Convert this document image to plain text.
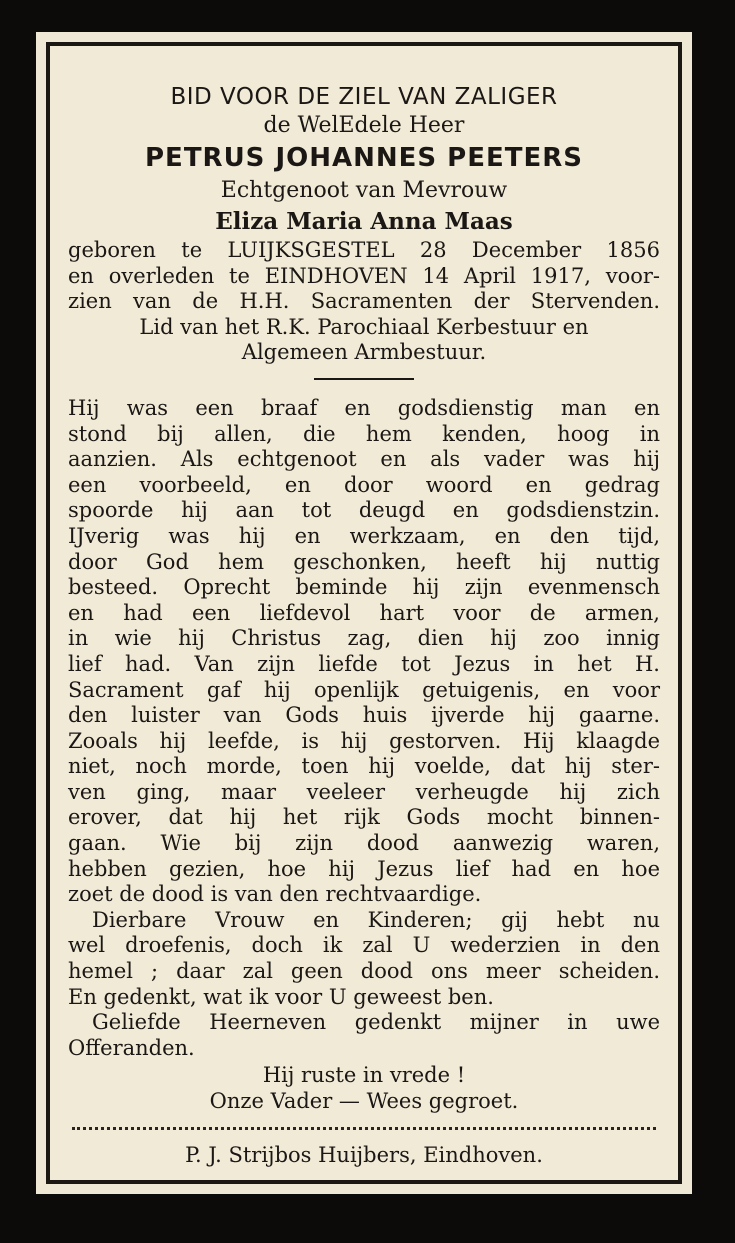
BID VOOR DE ZIEL VAN ZALIGER
de WelEdele Heer
PETRUS JOHANNES PEETERS
Echtgenoot van Mevrouw
Eliza Maria Anna Maas
geboren te LUIJKSGESTEL 28 December 1856
en overleden te EINDHOVEN 14 April 1917, voor-
zien van de H.H. Sacramenten der Stervenden.
Lid van het R.K. Parochiaal Kerbestuur en
Algemeen Armbestuur.
Hij was een braaf en godsdienstig man en
stond bij allen, die hem kenden, hoog in
aanzien. Als echtgenoot en als vader was hij
een voorbeeld, en door woord en gedrag
spoorde hij aan tot deugd en godsdienstzin.
IJverig was hij en werkzaam, en den tijd,
door God hem geschonken, heeft hij nuttig
besteed. Oprecht beminde hij zijn evenmensch
en had een liefdevol hart voor de armen,
in wie hij Christus zag, dien hij zoo innig
lief had. Van zijn liefde tot Jezus in het H.
Sacrament gaf hij openlijk getuigenis, en voor
den luister van Gods huis ijverde hij gaarne.
Zooals hij leefde, is hij gestorven. Hij klaagde
niet, noch morde, toen hij voelde, dat hij ster-
ven ging, maar veeleer verheugde hij zich
erover, dat hij het rijk Gods mocht binnen-
gaan. Wie bij zijn dood aanwezig waren,
hebben gezien, hoe hij Jezus lief had en hoe
zoet de dood is van den rechtvaardige.
Dierbare Vrouw en Kinderen; gij hebt nu
wel droefenis, doch ik zal U wederzien in den
hemel ; daar zal geen dood ons meer scheiden.
En gedenkt, wat ik voor U geweest ben.
Geliefde Heerneven gedenkt mijner in uwe
Offeranden.
Hij ruste in vrede !
Onze Vader — Wees gegroet.
P. J. Strijbos Huijbers, Eindhoven.
